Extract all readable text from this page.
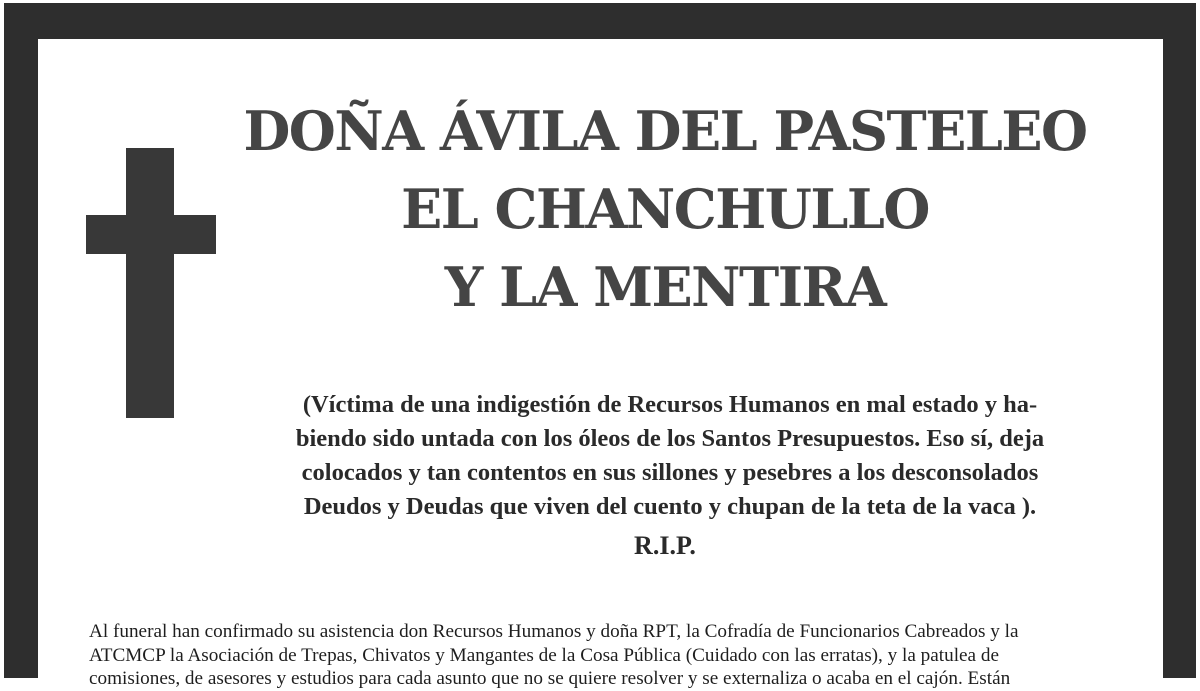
DOÑA ÁVILA DEL PASTELEO
EL CHANCHULLO
Y LA MENTIRA

(Víctima de una indigestión de Recursos Humanos en mal estado y ha-
biendo sido untada con los óleos de los Santos Presupuestos. Eso sí, deja
colocados y tan contentos en sus sillones y pesebres a los desconsolados
Deudos y Deudas que viven del cuento y chupan de la teta de la vaca ).

R.I.P.

Al funeral han confirmado su asistencia don Recursos Humanos y doña RPT, la Cofradía de Funcionarios Cabreados y la
ATCMCP la Asociación de Trepas, Chivatos y Mangantes de la Cosa Pública (Cuidado con las erratas), y la patulea de
comisiones, de asesores y estudios para cada asunto que no se quiere resolver y se externaliza o acaba en el cajón. Están
